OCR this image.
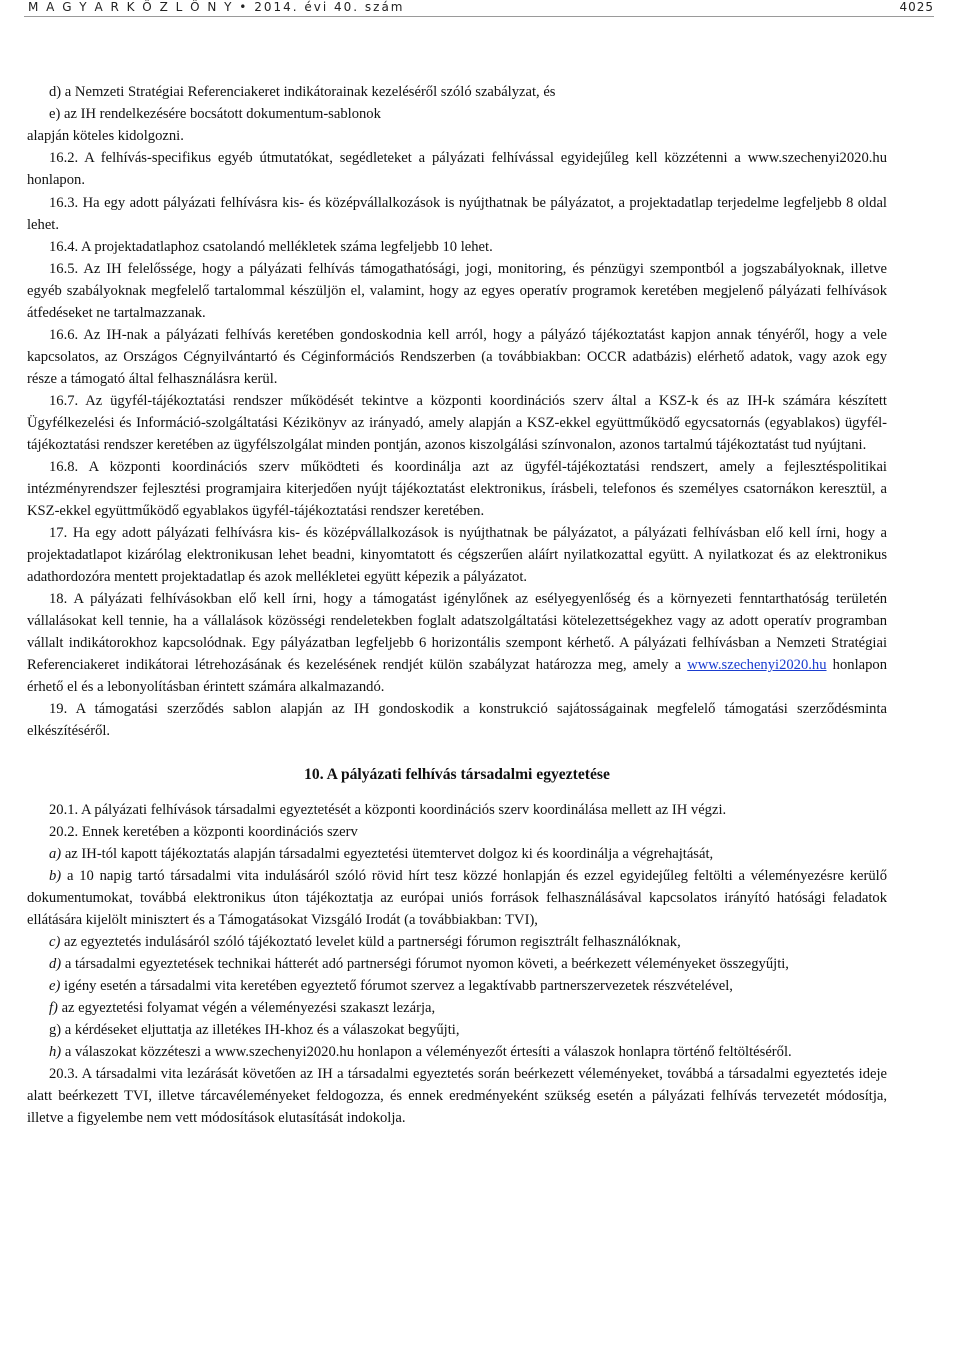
M A G Y A R K Ö Z L Ö N Y • 2014. évi 40. szám	4025

d) a Nemzeti Stratégiai Referenciakeret indikátorainak kezeléséről szóló szabályzat, és

e) az IH rendelkezésére bocsátott dokumentum-sablonok

alapján köteles kidolgozni.

16.2. A felhívás-specifikus egyéb útmutatókat, segédleteket a pályázati felhívással egyidejűleg kell közzétenni a www.szechenyi2020.hu honlapon.

16.3. Ha egy adott pályázati felhívásra kis- és középvállalkozások is nyújthatnak be pályázatot, a projektadatlap terjedelme legfeljebb 8 oldal lehet.

16.4. A projektadatlaphoz csatolandó mellékletek száma legfeljebb 10 lehet.

16.5. Az IH felelőssége, hogy a pályázati felhívás támogathatósági, jogi, monitoring, és pénzügyi szempontból a jogszabályoknak, illetve egyéb szabályoknak megfelelő tartalommal készüljön el, valamint, hogy az egyes operatív programok keretében megjelenő pályázati felhívások átfedéseket ne tartalmazzanak.

16.6. Az IH-nak a pályázati felhívás keretében gondoskodnia kell arról, hogy a pályázó tájékoztatást kapjon annak tényéről, hogy a vele kapcsolatos, az Országos Cégnyilvántartó és Céginformációs Rendszerben (a továbbiakban: OCCR adatbázis) elérhető adatok, vagy azok egy része a támogató által felhasználásra kerül.

16.7. Az ügyfél-tájékoztatási rendszer működését tekintve a központi koordinációs szerv által a KSZ-k és az IH-k számára készített Ügyfélkezelési és Információ-szolgáltatási Kézikönyv az irányadó, amely alapján a KSZ-ekkel együttműködő egycsatornás (egyablakos) ügyfél-tájékoztatási rendszer keretében az ügyfélszolgálat minden pontján, azonos kiszolgálási színvonalon, azonos tartalmú tájékoztatást tud nyújtani.

16.8. A központi koordinációs szerv működteti és koordinálja azt az ügyfél-tájékoztatási rendszert, amely a fejlesztéspolitikai intézményrendszer fejlesztési programjaira kiterjedően nyújt tájékoztatást elektronikus, írásbeli, telefonos és személyes csatornákon keresztül, a KSZ-ekkel együttműködő egyablakos ügyfél-tájékoztatási rendszer keretében.

17. Ha egy adott pályázati felhívásra kis- és középvállalkozások is nyújthatnak be pályázatot, a pályázati felhívásban elő kell írni, hogy a projektadatlapot kizárólag elektronikusan lehet beadni, kinyomtatott és cégszerűen aláírt nyilatkozattal együtt. A nyilatkozat és az elektronikus adathordozóra mentett projektadatlap és azok mellékletei együtt képezik a pályázatot.

18. A pályázati felhívásokban elő kell írni, hogy a támogatást igénylőnek az esélyegyenlőség és a környezeti fenntarthatóság területén vállalásokat kell tennie, ha a vállalások közösségi rendeletekben foglalt adatszolgáltatási kötelezettségekhez vagy az adott operatív programban vállalt indikátorokhoz kapcsolódnak. Egy pályázatban legfeljebb 6 horizontális szempont kérhető. A pályázati felhívásban a Nemzeti Stratégiai Referenciakeret indikátorai létrehozásának és kezelésének rendjét külön szabályzat határozza meg, amely a www.szechenyi2020.hu honlapon érhető el és a lebonyolításban érintett számára alkalmazandó.

19. A támogatási szerződés sablon alapján az IH gondoskodik a konstrukció sajátosságainak megfelelő támogatási szerződésminta elkészítéséről.

10. A pályázati felhívás társadalmi egyeztetése

20.1. A pályázati felhívások társadalmi egyeztetését a központi koordinációs szerv koordinálása mellett az IH végzi.

20.2. Ennek keretében a központi koordinációs szerv

a) az IH-tól kapott tájékoztatás alapján társadalmi egyeztetési ütemtervet dolgoz ki és koordinálja a végrehajtását,

b) a 10 napig tartó társadalmi vita indulásáról szóló rövid hírt tesz közzé honlapján és ezzel egyidejűleg feltölti a véleményezésre kerülő dokumentumokat, továbbá elektronikus úton tájékoztatja az európai uniós források felhasználásával kapcsolatos irányító hatósági feladatok ellátására kijelölt minisztert és a Támogatásokat Vizsgáló Irodát (a továbbiakban: TVI),

c) az egyeztetés indulásáról szóló tájékoztató levelet küld a partnerségi fórumon regisztrált felhasználóknak,

d) a társadalmi egyeztetések technikai hátterét adó partnerségi fórumot nyomon követi, a beérkezett véleményeket összegyűjti,

e) igény esetén a társadalmi vita keretében egyeztető fórumot szervez a legaktívabb partnerszervezetek részvételével,

f) az egyeztetési folyamat végén a véleményezési szakaszt lezárja,

g) a kérdéseket eljuttatja az illetékes IH-khoz és a válaszokat begyűjti,

h) a válaszokat közzéteszi a www.szechenyi2020.hu honlapon a véleményezőt értesíti a válaszok honlapra történő feltöltéséről.

20.3. A társadalmi vita lezárását követően az IH a társadalmi egyeztetés során beérkezett véleményeket, továbbá a társadalmi egyeztetés ideje alatt beérkezett TVI, illetve tárcavéleményeket feldogozza, és ennek eredményeként szükség esetén a pályázati felhívás tervezetét módosítja, illetve a figyelembe nem vett módosítások elutasítását indokolja.
